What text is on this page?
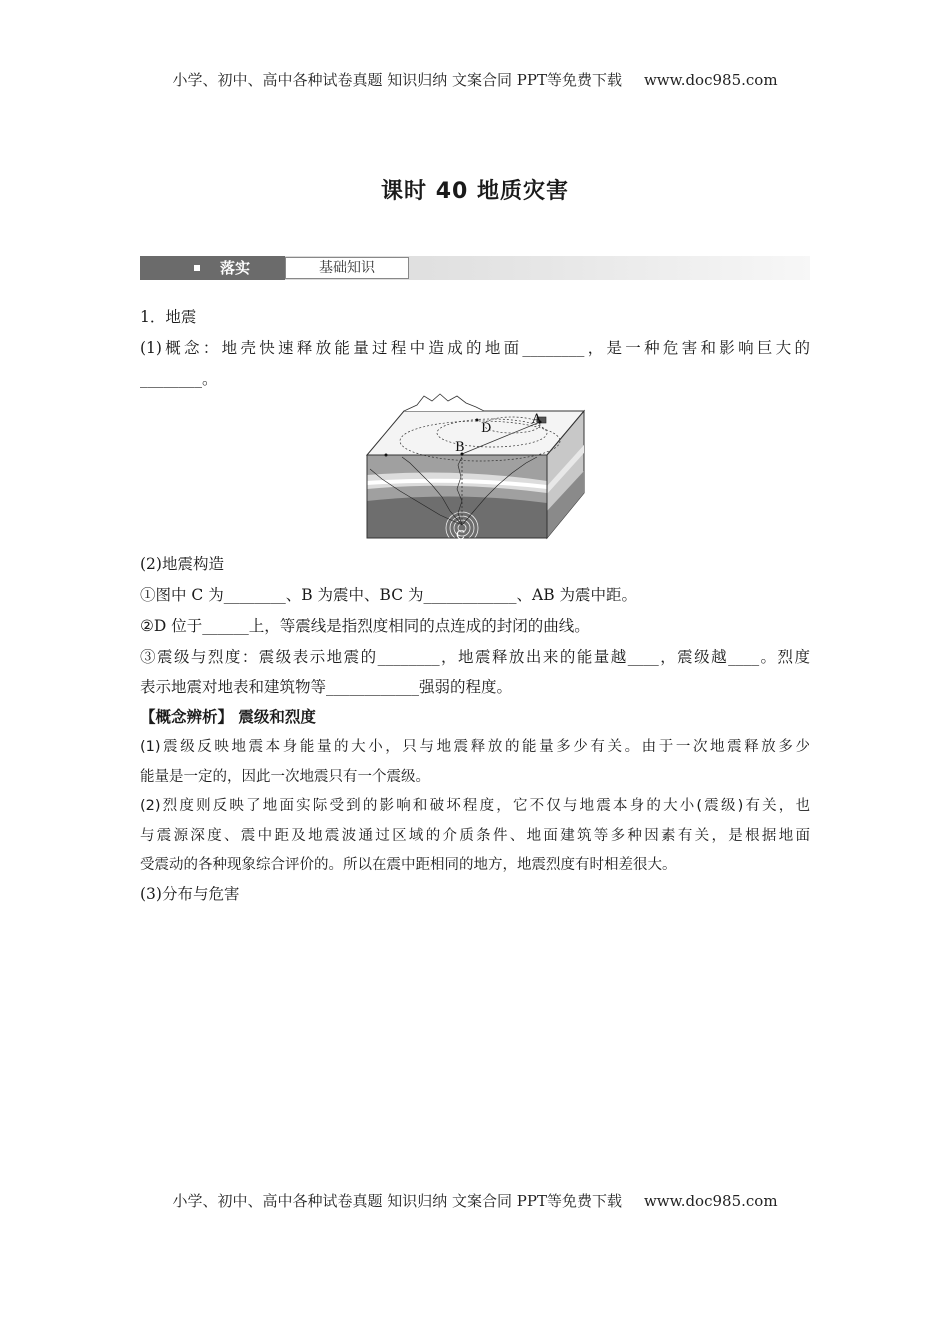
小学、初中、高中各种试卷真题 知识归纳 文案合同 PPT等免费下载 www.doc985.com
课时 40 地质灾害
落实	基础知识
1．地震
(1)概念：地壳快速释放能量过程中造成的地面________，是一种危害和影响巨大的
________。
A
B
D
C
(2)地震构造
①图中 C 为________、B 为震中、BC 为____________、AB 为震中距。
②D 位于______上，等震线是指烈度相同的点连成的封闭的曲线。
③震级与烈度：震级表示地震的________，地震释放出来的能量越____，震级越____。烈度
表示地震对地表和建筑物等____________强弱的程度。
【概念辨析】 震级和烈度
(1)震级反映地震本身能量的大小，只与地震释放的能量多少有关。由于一次地震释放多少
能量是一定的，因此一次地震只有一个震级。
(2)烈度则反映了地面实际受到的影响和破坏程度，它不仅与地震本身的大小(震级)有关，也
与震源深度、震中距及地震波通过区域的介质条件、地面建筑等多种因素有关，是根据地面
受震动的各种现象综合评价的。所以在震中距相同的地方，地震烈度有时相差很大。
(3)分布与危害
小学、初中、高中各种试卷真题 知识归纳 文案合同 PPT等免费下载 www.doc985.com
